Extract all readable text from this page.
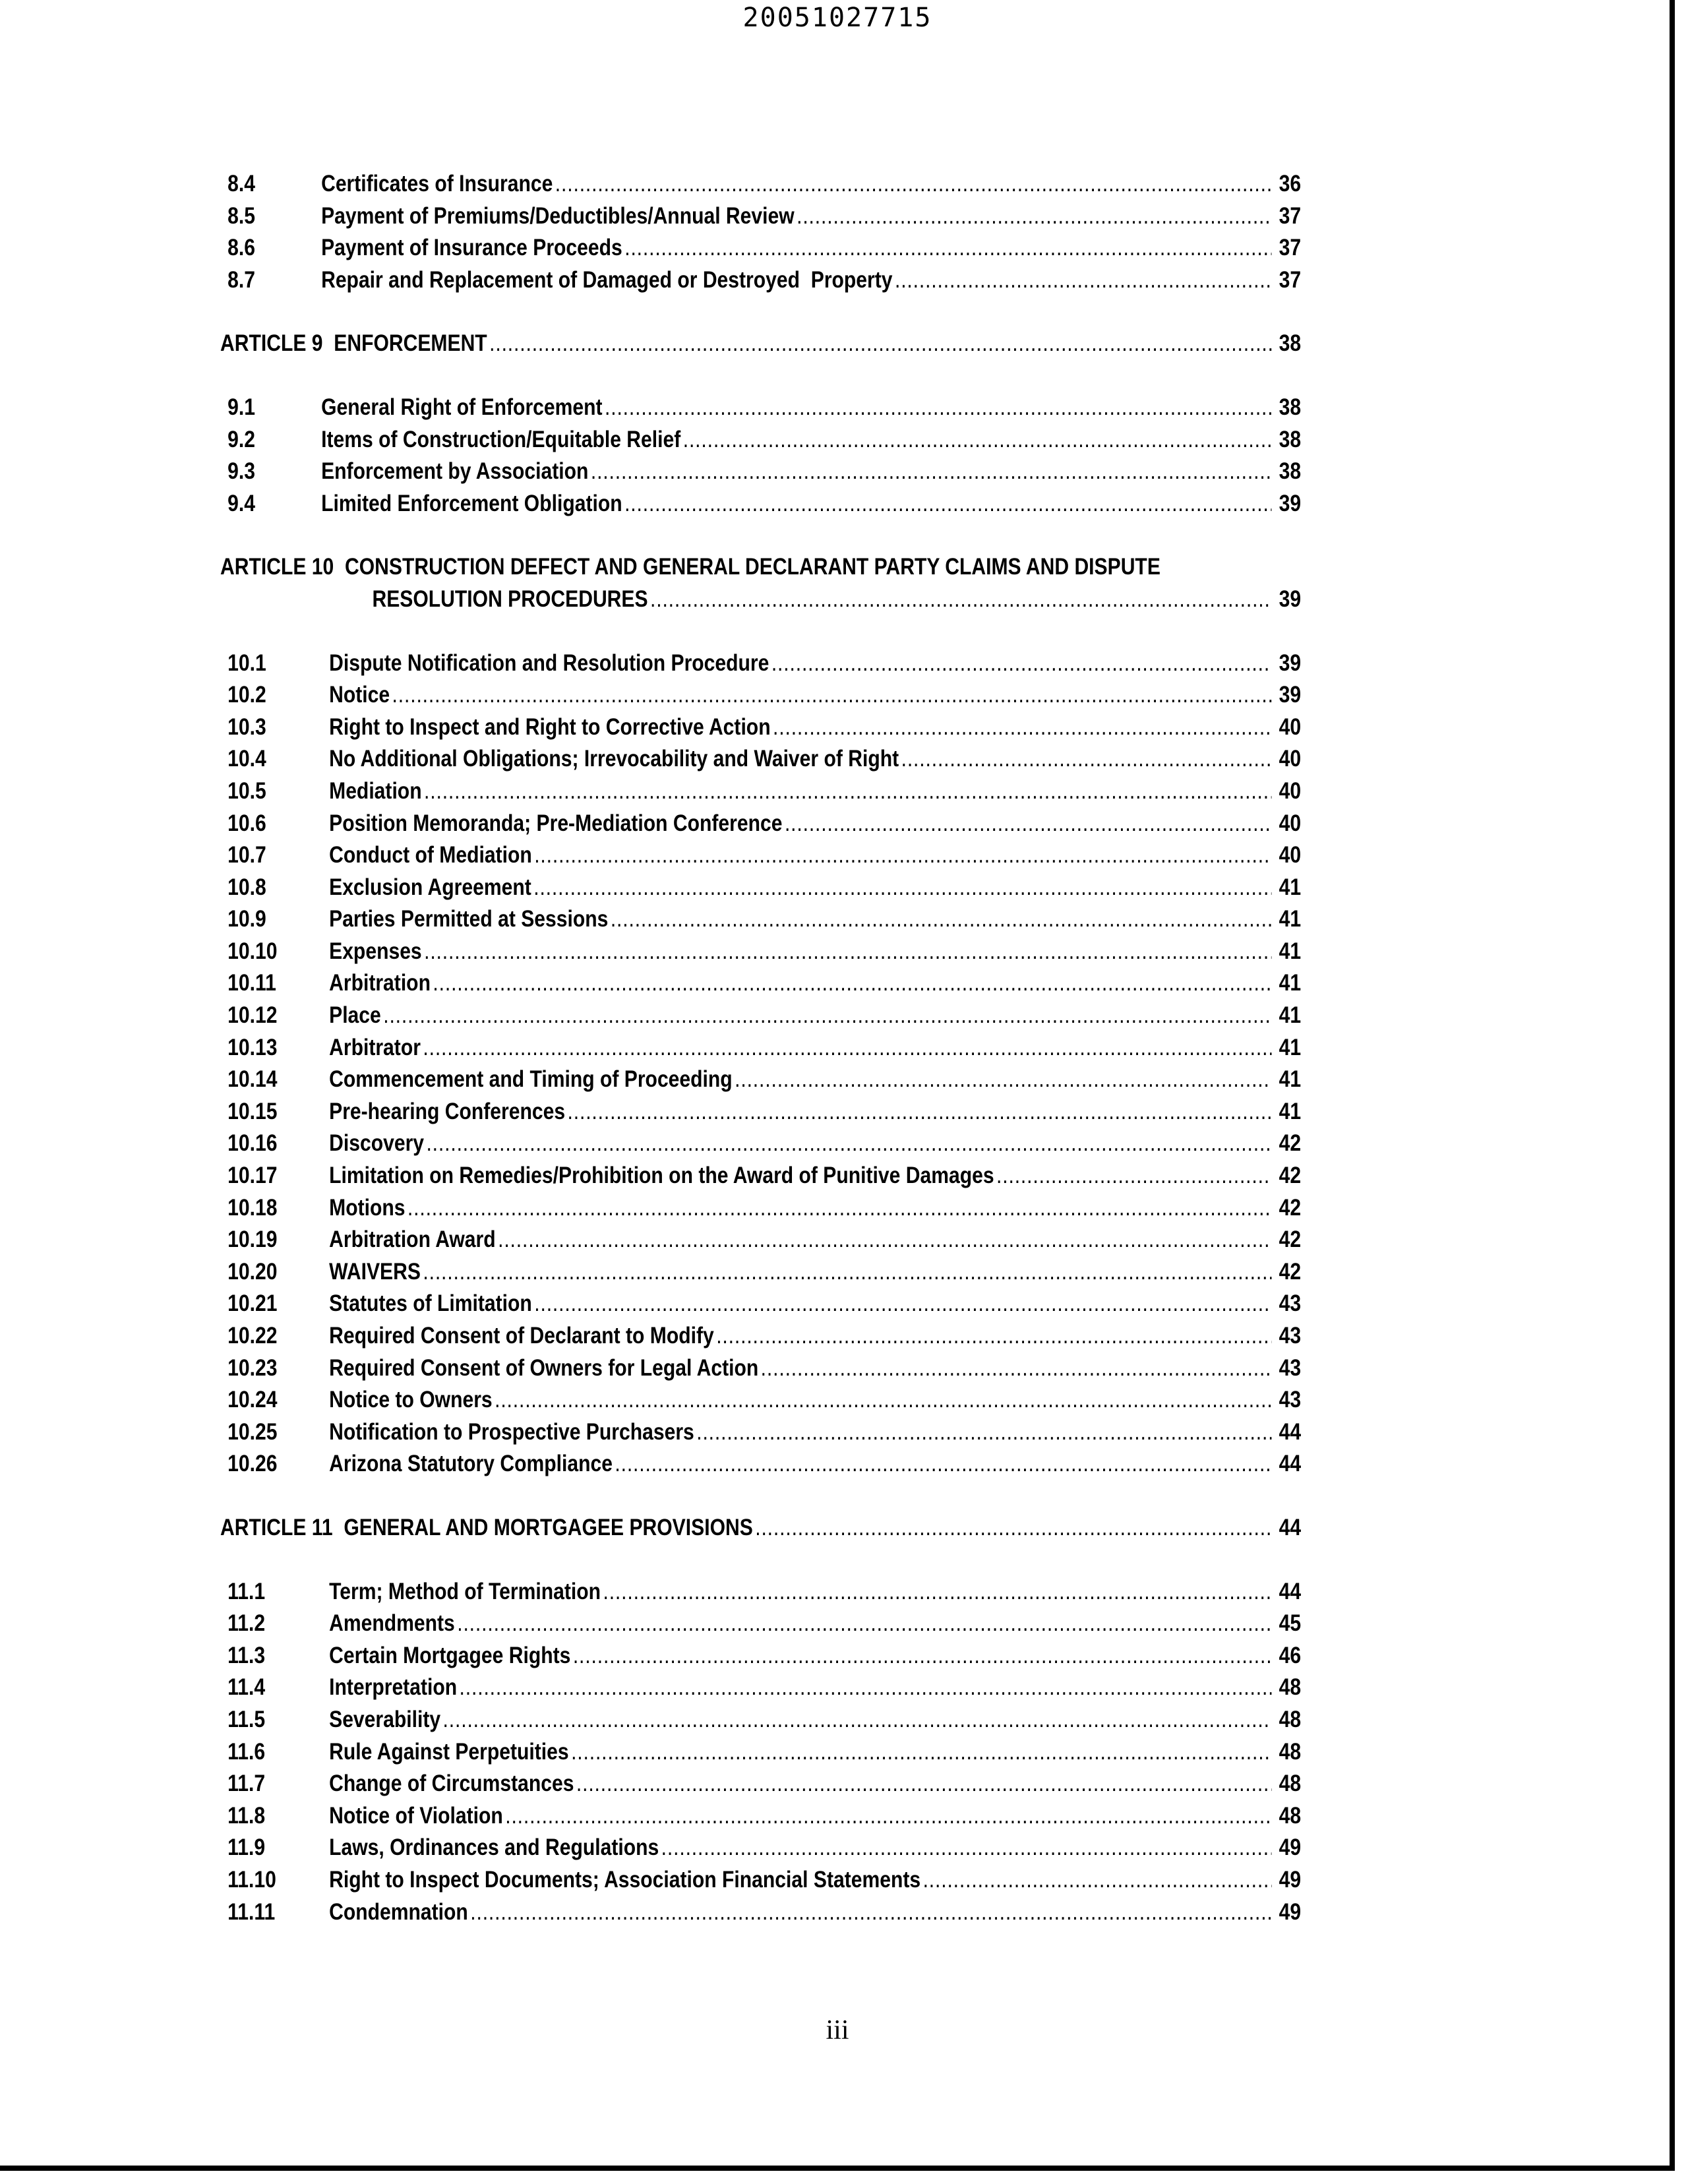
20051027715
8.4	Certificates of Insurance .....	36
8.5	Payment of Premiums/Deductibles/Annual Review .....	37
8.6	Payment of Insurance Proceeds .....	37
8.7	Repair and Replacement of Damaged or Destroyed  Property .....	37
ARTICLE 9  ENFORCEMENT .....	38
9.1	General Right of Enforcement .....	38
9.2	Items of Construction/Equitable Relief .....	38
9.3	Enforcement by Association .....	38
9.4	Limited Enforcement Obligation .....	39
ARTICLE 10  CONSTRUCTION DEFECT AND GENERAL DECLARANT PARTY CLAIMS AND DISPUTE
RESOLUTION PROCEDURES .....	39
10.1	Dispute Notification and Resolution Procedure .....	39
10.2	Notice .....	39
10.3	Right to Inspect and Right to Corrective Action .....	40
10.4	No Additional Obligations; Irrevocability and Waiver of Right .....	40
10.5	Mediation .....	40
10.6	Position Memoranda; Pre-Mediation Conference .....	40
10.7	Conduct of Mediation .....	40
10.8	Exclusion Agreement .....	41
10.9	Parties Permitted at Sessions .....	41
10.10	Expenses .....	41
10.11	Arbitration .....	41
10.12	Place .....	41
10.13	Arbitrator .....	41
10.14	Commencement and Timing of Proceeding .....	41
10.15	Pre-hearing Conferences .....	41
10.16	Discovery .....	42
10.17	Limitation on Remedies/Prohibition on the Award of Punitive Damages .....	42
10.18	Motions .....	42
10.19	Arbitration Award .....	42
10.20	WAIVERS .....	42
10.21	Statutes of Limitation .....	43
10.22	Required Consent of Declarant to Modify .....	43
10.23	Required Consent of Owners for Legal Action .....	43
10.24	Notice to Owners .....	43
10.25	Notification to Prospective Purchasers .....	44
10.26	Arizona Statutory Compliance .....	44
ARTICLE 11  GENERAL AND MORTGAGEE PROVISIONS .....	44
11.1	Term; Method of Termination .....	44
11.2	Amendments .....	45
11.3	Certain Mortgagee Rights .....	46
11.4	Interpretation .....	48
11.5	Severability .....	48
11.6	Rule Against Perpetuities .....	48
11.7	Change of Circumstances .....	48
11.8	Notice of Violation .....	48
11.9	Laws, Ordinances and Regulations .....	49
11.10	Right to Inspect Documents; Association Financial Statements .....	49
11.11	Condemnation .....	49
iii
